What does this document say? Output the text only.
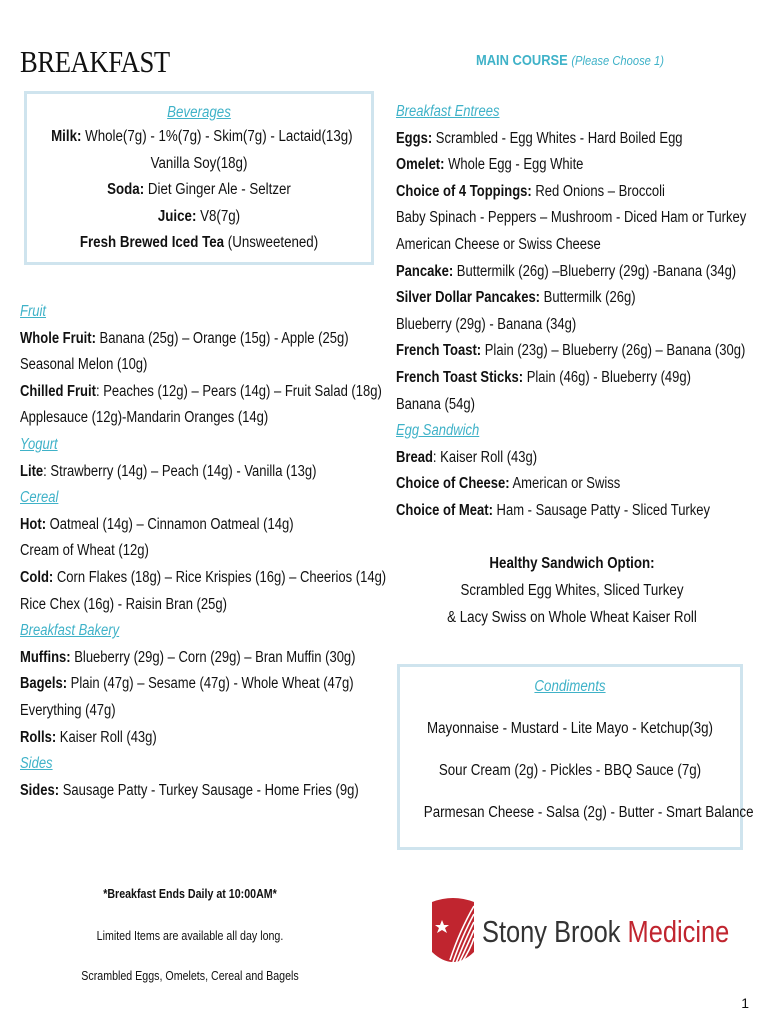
BREAKFAST	MAIN COURSE (Please Choose 1)
Beverages
Milk: Whole(7g) - 1%(7g) - Skim(7g) - Lactaid(13g)
Vanilla Soy(18g)
Soda: Diet Ginger Ale - Seltzer
Juice: V8(7g)
Fresh Brewed Iced Tea (Unsweetened)
Fruit
Whole Fruit: Banana (25g) – Orange (15g) - Apple (25g)
Seasonal Melon (10g)
Chilled Fruit: Peaches (12g) – Pears (14g) – Fruit Salad (18g)
Applesauce (12g)-Mandarin Oranges (14g)
Yogurt
Lite: Strawberry (14g) – Peach (14g) - Vanilla (13g)
Cereal
Hot: Oatmeal (14g) – Cinnamon Oatmeal (14g)
Cream of Wheat (12g)
Cold: Corn Flakes (18g) – Rice Krispies (16g) – Cheerios (14g)
Rice Chex (16g) - Raisin Bran (25g)
Breakfast Bakery
Muffins: Blueberry (29g) – Corn (29g) – Bran Muffin (30g)
Bagels: Plain (47g) – Sesame (47g) - Whole Wheat (47g)
Everything (47g)
Rolls: Kaiser Roll (43g)
Sides
Sides: Sausage Patty - Turkey Sausage - Home Fries (9g)
Breakfast Entrees
Eggs: Scrambled - Egg Whites - Hard Boiled Egg
Omelet: Whole Egg - Egg White
Choice of 4 Toppings: Red Onions – Broccoli
Baby Spinach - Peppers – Mushroom - Diced Ham or Turkey
American Cheese or Swiss Cheese
Pancake: Buttermilk (26g) –Blueberry (29g) -Banana (34g)
Silver Dollar Pancakes: Buttermilk (26g)
Blueberry (29g) - Banana (34g)
French Toast: Plain (23g) – Blueberry (26g) – Banana (30g)
French Toast Sticks: Plain (46g) - Blueberry (49g)
Banana (54g)
Egg Sandwich
Bread: Kaiser Roll (43g)
Choice of Cheese: American or Swiss
Choice of Meat: Ham - Sausage Patty - Sliced Turkey
Healthy Sandwich Option:
Scrambled Egg Whites, Sliced Turkey
& Lacy Swiss on Whole Wheat Kaiser Roll
Condiments
Mayonnaise - Mustard - Lite Mayo - Ketchup(3g)
Sour Cream (2g) - Pickles - BBQ Sauce (7g)
Parmesan Cheese - Salsa (2g) - Butter - Smart Balance
*Breakfast Ends Daily at 10:00AM*
Limited Items are available all day long.
Scrambled Eggs, Omelets, Cereal and Bagels
Stony Brook Medicine
1
